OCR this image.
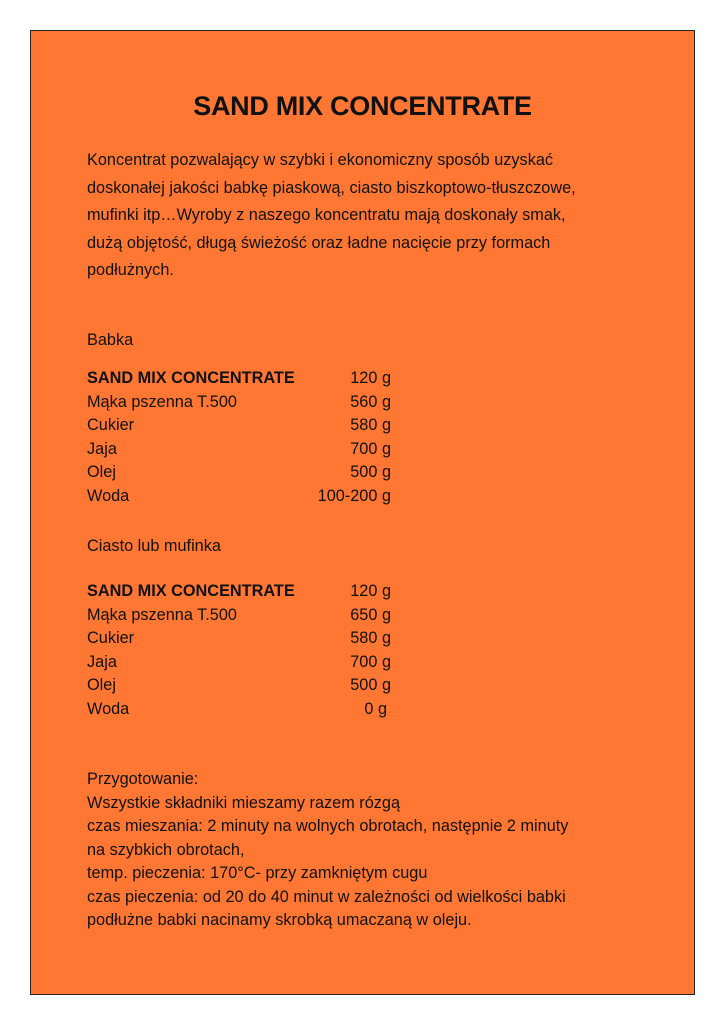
SAND MIX CONCENTRATE
Koncentrat pozwalający w szybki i ekonomiczny sposób uzyskać
doskonałej jakości babkę piaskową, ciasto biszkoptowo-tłuszczowe,
mufinki itp…Wyroby z naszego koncentratu mają doskonały smak,
dużą objętość, długą świeżość oraz ładne nacięcie przy formach
podłużnych.
Babka
SAND MIX CONCENTRATE	120 g
Mąka pszenna T.500	560 g
Cukier	580 g
Jaja	700 g
Olej	500 g
Woda	100-200 g
Ciasto lub mufinka
SAND MIX CONCENTRATE	120 g
Mąka pszenna T.500	650 g
Cukier	580 g
Jaja	700 g
Olej	500 g
Woda	0 g
Przygotowanie:
Wszystkie składniki mieszamy razem rózgą
czas mieszania: 2 minuty na wolnych obrotach, następnie 2 minuty
na szybkich obrotach,
temp. pieczenia: 170°C- przy zamkniętym cugu
czas pieczenia: od 20 do 40 minut w zależności od wielkości babki
podłużne babki nacinamy skrobką umaczaną w oleju.
